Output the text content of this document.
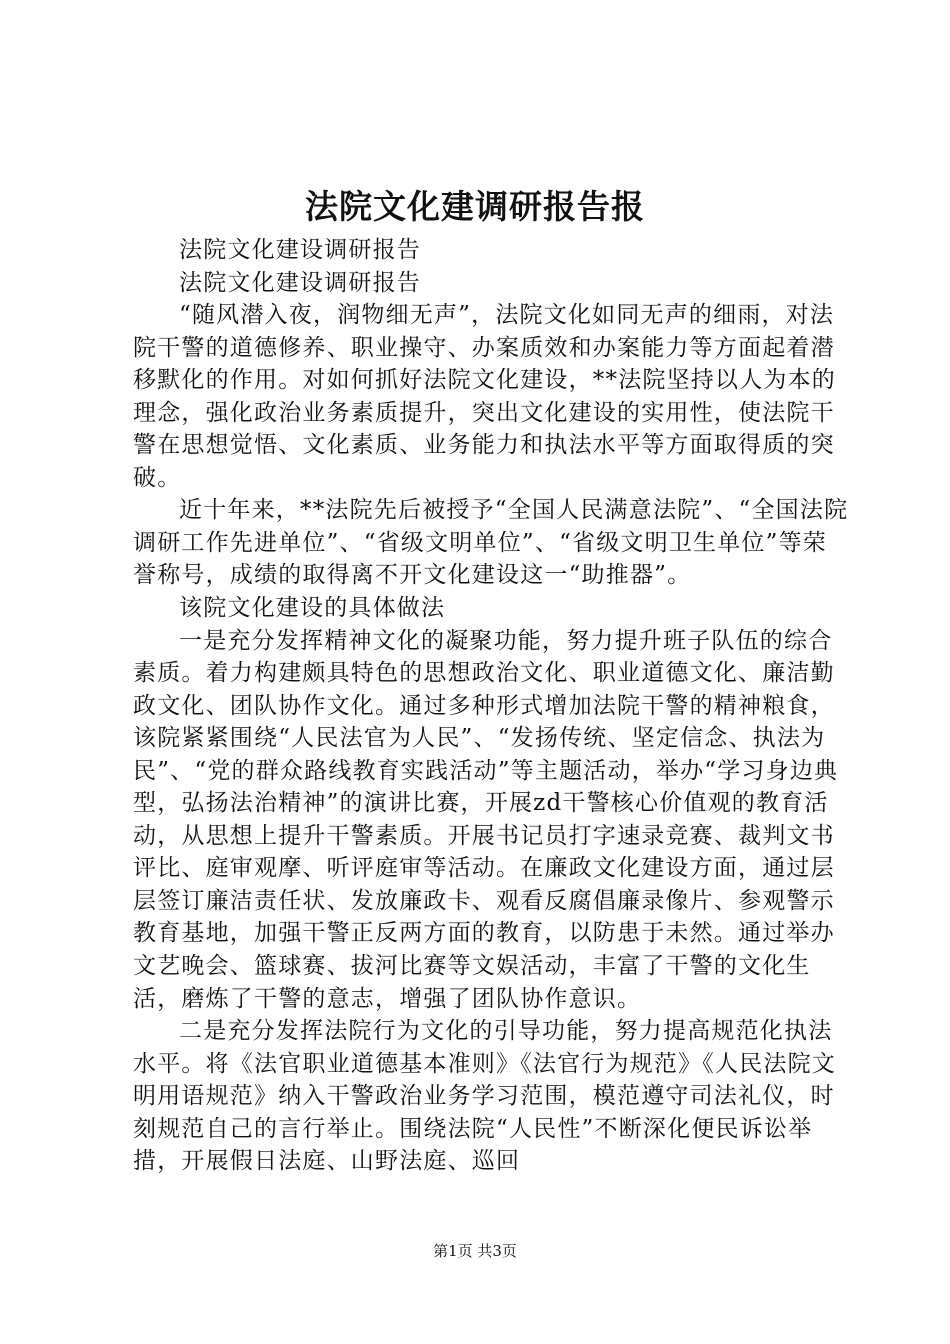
法院文化建调研报告报

法院文化建设调研报告

法院文化建设调研报告

“随风潜入夜，润物细无声”，法院文化如同无声的细雨，对法院干警的道德修养、职业操守、办案质效和办案能力等方面起着潜移默化的作用。对如何抓好法院文化建设，**法院坚持以人为本的理念，强化政治业务素质提升，突出文化建设的实用性，使法院干警在思想觉悟、文化素质、业务能力和执法水平等方面取得质的突破。

近十年来，**法院先后被授予“全国人民满意法院”、“全国法院调研工作先进单位”、“省级文明单位”、“省级文明卫生单位”等荣誉称号，成绩的取得离不开文化建设这一“助推器”。

该院文化建设的具体做法

一是充分发挥精神文化的凝聚功能，努力提升班子队伍的综合素质。着力构建颇具特色的思想政治文化、职业道德文化、廉洁勤政文化、团队协作文化。通过多种形式增加法院干警的精神粮食，该院紧紧围绕“人民法官为人民”、“发扬传统、坚定信念、执法为民”、“党的群众路线教育实践活动”等主题活动，举办“学习身边典型，弘扬法治精神”的演讲比赛，开展zd干警核心价值观的教育活动，从思想上提升干警素质。开展书记员打字速录竞赛、裁判文书评比、庭审观摩、听评庭审等活动。在廉政文化建设方面，通过层层签订廉洁责任状、发放廉政卡、观看反腐倡廉录像片、参观警示教育基地，加强干警正反两方面的教育，以防患于未然。通过举办文艺晚会、篮球赛、拔河比赛等文娱活动，丰富了干警的文化生活，磨炼了干警的意志，增强了团队协作意识。

二是充分发挥法院行为文化的引导功能，努力提高规范化执法水平。将《法官职业道德基本准则》《法官行为规范》《人民法院文明用语规范》纳入干警政治业务学习范围，模范遵守司法礼仪，时刻规范自己的言行举止。围绕法院“人民性”不断深化便民诉讼举措，开展假日法庭、山野法庭、巡回

第1页 共3页
